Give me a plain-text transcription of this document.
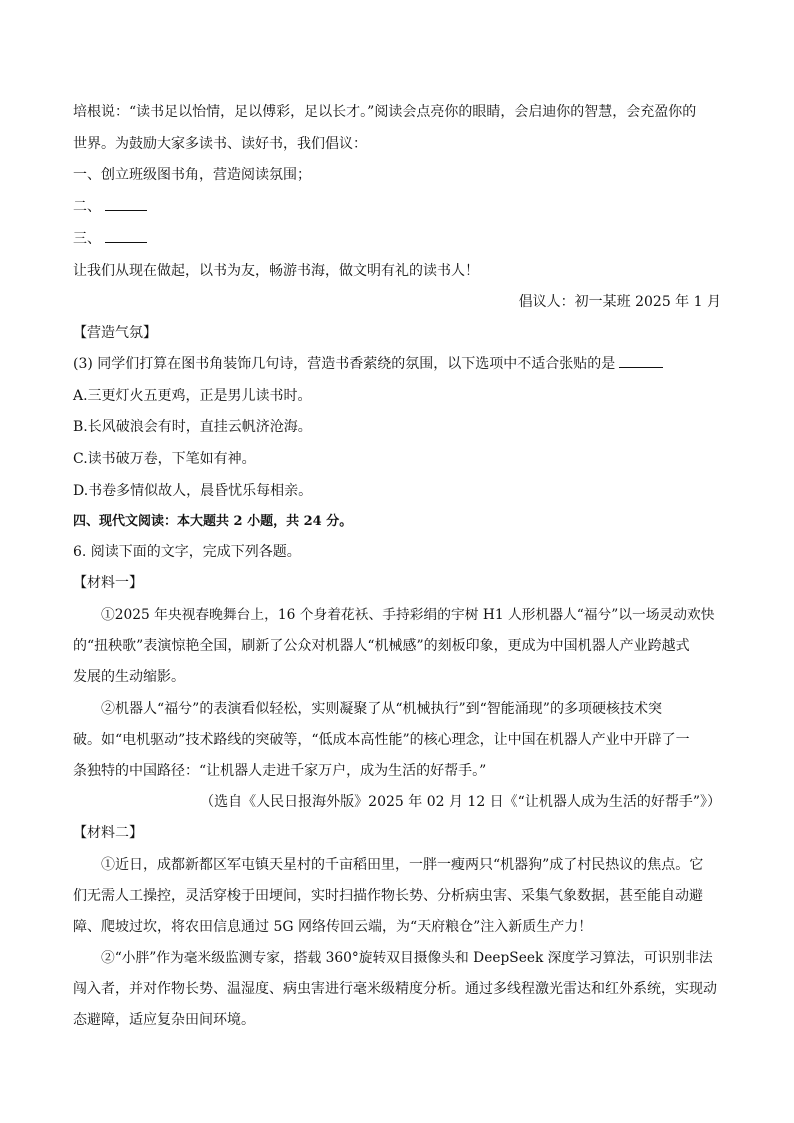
培根说：“读书足以怡情，足以傅彩，足以长才。”阅读会点亮你的眼睛，会启迪你的智慧，会充盈你的
世界。为鼓励大家多读书、读好书，我们倡议：
一、创立班级图书角，营造阅读氛围；
二、
三、
让我们从现在做起，以书为友，畅游书海，做文明有礼的读书人！
倡议人：初一某班 2025 年 1 月
【营造气氛】
(3) 同学们打算在图书角装饰几句诗，营造书香萦绕的氛围，以下选项中不适合张贴的是
A.三更灯火五更鸡，正是男儿读书时。
B.长风破浪会有时，直挂云帆济沧海。
C.读书破万卷，下笔如有神。
D.书卷多情似故人，晨昏忧乐每相亲。
四、现代文阅读：本大题共 2 小题，共 24 分。
6. 阅读下面的文字，完成下列各题。
【材料一】
①2025 年央视春晚舞台上，16 个身着花袄、手持彩绢的宇树 H1 人形机器人“福兮”以一场灵动欢快
的“扭秧歌”表演惊艳全国，刷新了公众对机器人“机械感”的刻板印象，更成为中国机器人产业跨越式
发展的生动缩影。
②机器人“福兮”的表演看似轻松，实则凝聚了从“机械执行”到“智能涌现”的多项硬核技术突
破。如“电机驱动”技术路线的突破等，“低成本高性能”的核心理念，让中国在机器人产业中开辟了一
条独特的中国路径：“让机器人走进千家万户，成为生活的好帮手。”
（选自《人民日报海外版》2025 年 02 月 12 日《“让机器人成为生活的好帮手”》）
【材料二】
①近日，成都新都区军屯镇天星村的千亩稻田里，一胖一瘦两只“机器狗”成了村民热议的焦点。它
们无需人工操控，灵活穿梭于田埂间，实时扫描作物长势、分析病虫害、采集气象数据，甚至能自动避
障、爬坡过坎，将农田信息通过 5G 网络传回云端，为“天府粮仓”注入新质生产力！
②“小胖”作为毫米级监测专家，搭载 360°旋转双目摄像头和 DeepSeek 深度学习算法，可识别非法
闯入者，并对作物长势、温湿度、病虫害进行毫米级精度分析。通过多线程激光雷达和红外系统，实现动
态避障，适应复杂田间环境。
